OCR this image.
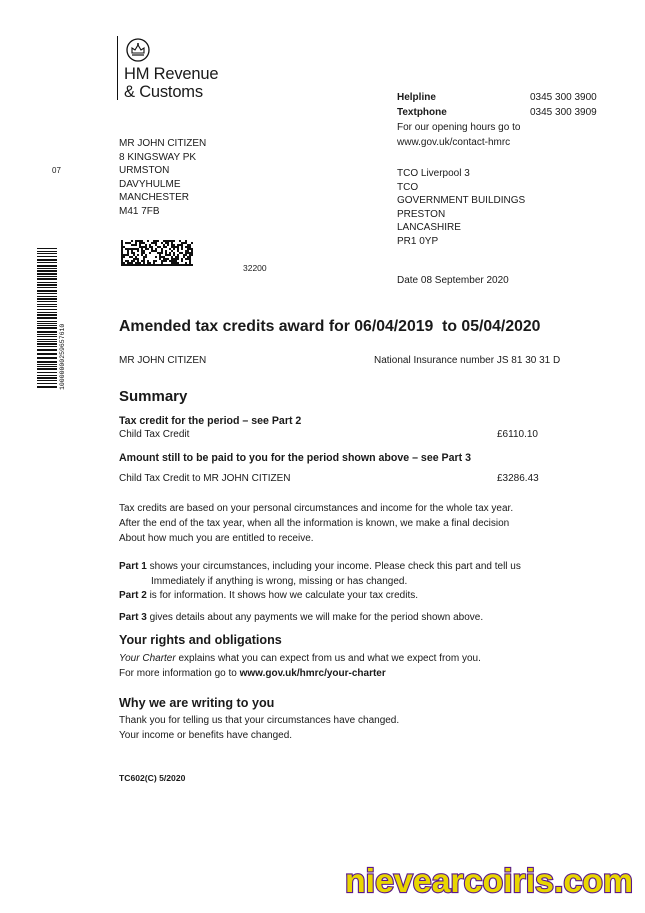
HM Revenue
& Customs	Helpline	0345 300 3900
Textphone	0345 300 3909
For our opening hours go to
www.gov.uk/contact-hmrc
MR JOHN CITIZEN
8 KINGSWAY PK
URMSTON
DAVYHULME
MANCHESTER
M41 7FB
07
10000000259657610
32200
TCO Liverpool 3
TCO
GOVERNMENT BUILDINGS
PRESTON
LANCASHIRE
PR1 0YP
Date 08 September 2020
Amended tax credits award for 06/04/2019  to 05/04/2020
MR JOHN CITIZEN	National Insurance number JS 81 30 31 D
Summary
Tax credit for the period – see Part 2
Child Tax Credit	£6110.10
Amount still to be paid to you for the period shown above – see Part 3
Child Tax Credit to MR JOHN CITIZEN	£3286.43
Tax credits are based on your personal circumstances and income for the whole tax year.
After the end of the tax year, when all the information is known, we make a final decision
About how much you are entitled to receive.
Part 1 shows your circumstances, including your income. Please check this part and tell us
Immediately if anything is wrong, missing or has changed.
Part 2 is for information. It shows how we calculate your tax credits.
Part 3 gives details about any payments we will make for the period shown above.
Your rights and obligations
Your Charter explains what you can expect from us and what we expect from you.
For more information go to www.gov.uk/hmrc/your-charter
Why we are writing to you
Thank you for telling us that your circumstances have changed.
Your income or benefits have changed.
TC602(C) 5/2020
nievearcoiris.com
